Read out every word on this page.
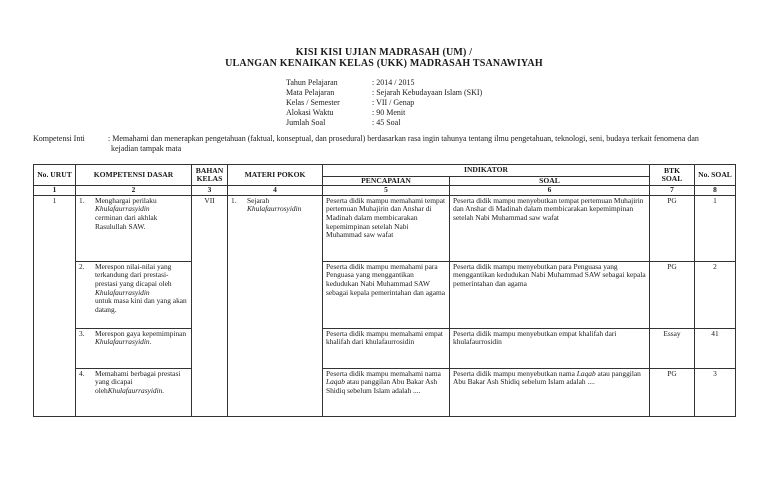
KISI KISI UJIAN MADRASAH (UM) /
ULANGAN KENAIKAN KELAS (UKK) MADRASAH TSANAWIYAH
Tahun Pelajaran	: 2014 / 2015
Mata Pelajaran	: Sejarah Kebudayaan Islam (SKI)
Kelas / Semester	: VII / Genap
Alokasi Waktu	: 90 Menit
Jumlah Soal	: 45 Soal
Kompetensi Inti	: Memahami dan menerapkan pengetahuan (faktual, konseptual, dan prosedural) berdasarkan rasa ingin tahunya tentang ilmu pengetahuan, teknologi, seni, budaya terkait fenomena dan
kejadian tampak mata
No. URUT	KOMPETENSI DASAR	BAHAN KELAS	MATERI POKOK	INDIKATOR		BTK SOAL	No. SOAL
				PENCAPAIAN	SOAL		
1	2	3	4	5	6	7	8
1	1. Menghargai perilaku
Khulafaurrasyidin
cerminan dari akhlak Rasulullah SAW.	VII	1. Sejarah
Khulafaurrosyidin	Peserta didik mampu memahami tempat pertemuan Muhajirin dan Anshar di Madinah dalam membicarakan kepemimpinan setelah Nabi Muhammad saw wafat	Peserta didik mampu menyebutkan tempat pertemuan Muhajirin dan Anshar di Madinah dalam membicarakan kepemimpinan setelah Nabi Muhammad saw wafat	PG	1

	2. Merespon nilai-nilai yang terkandung dari prestasi-prestasi yang dicapai oleh
Khulafaurrasyidin
untuk masa kini dan yang akan datang.			Peserta didik mampu memahami para Penguasa yang menggantikan kedudukan Nabi Muhammad SAW sebagai kepala pemerintahan dan agama	Peserta didik mampu menyebutkan para Penguasa yang menggantikan kedudukan Nabi Muhammad SAW sebagai kepala pemerintahan dan agama	PG	2

	3. Merespon gaya kepemimpinan
Khulafaurrasyidin.			Peserta didik mampu memahami empat khalifah dari khulafaurrosidin	Peserta didik mampu menyebutkan empat khalifah dari khulafaurrosidin	Essay	41

	4. Memahami berbagai prestasi yang dicapai olehKhulafaurrasyidin.			Peserta didik mampu memahami nama Laqab atau panggilan Abu Bakar Ash Shidiq sebelum Islam adalah ....	Peserta didik mampu menyebutkan nama Laqab atau panggilan Abu Bakar Ash Shidiq sebelum Islam adalah ....	PG	3
